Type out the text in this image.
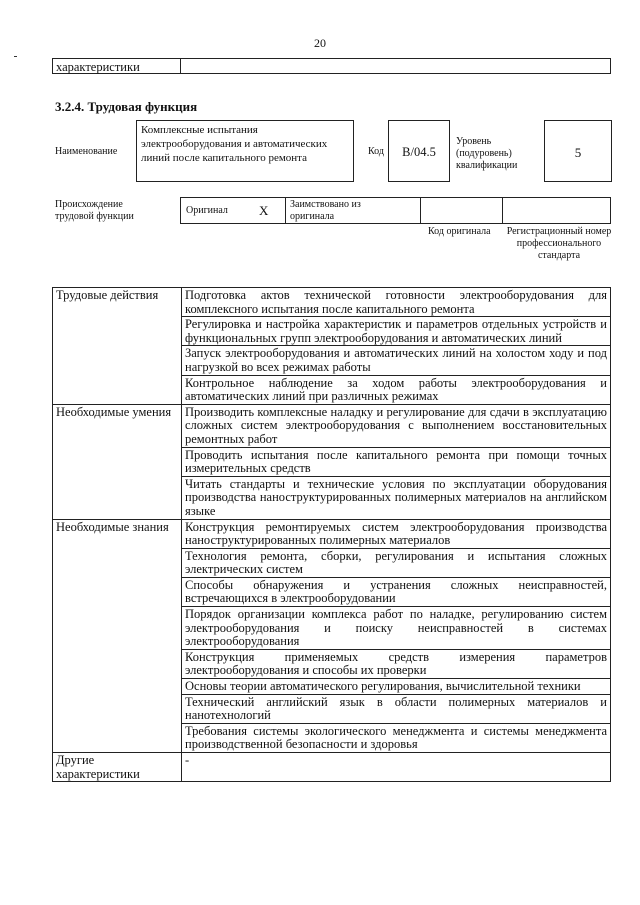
20
характеристики
3.2.4. Трудовая функция
Наименование
Комплексные испытания электрооборудования и автоматических линий после капитального ремонта
Код	B/04.5
Уровень (подуровень) квалификации
5
Происхождение трудовой функции
Оригинал X Заимствовано из оригинала
Код оригинала Регистрационный номер профессионального стандарта
Трудовые действия	Подготовка актов технической готовности электрооборудования для комплексного испытания после капитального ремонта
	Регулировка и настройка характеристик и параметров отдельных устройств и функциональных групп электрооборудования и автоматических линий
	Запуск электрооборудования и автоматических линий на холостом ходу и под нагрузкой во всех режимах работы
	Контрольное наблюдение за ходом работы электрооборудования и автоматических линий при различных режимах
Необходимые умения	Производить комплексные наладку и регулирование для сдачи в эксплуатацию сложных систем электрооборудования с выполнением восстановительных ремонтных работ
	Проводить испытания после капитального ремонта при помощи точных измерительных средств
	Читать стандарты и технические условия по эксплуатации оборудования производства наноструктурированных полимерных материалов на английском языке
Необходимые знания	Конструкция ремонтируемых систем электрооборудования производства наноструктурированных полимерных материалов
	Технология ремонта, сборки, регулирования и испытания сложных электрических систем
	Способы обнаружения и устранения сложных неисправностей, встречающихся в электрооборудовании
	Порядок организации комплекса работ по наладке, регулированию систем электрооборудования и поиску неисправностей в системах электрооборудования
	Конструкция применяемых средств измерения параметров электрооборудования и способы их проверки
	Основы теории автоматического регулирования, вычислительной техники
	Технический английский язык в области полимерных материалов и нанотехнологий
	Требования системы экологического менеджмента и системы менеджмента производственной безопасности и здоровья
Другие характеристики	-
